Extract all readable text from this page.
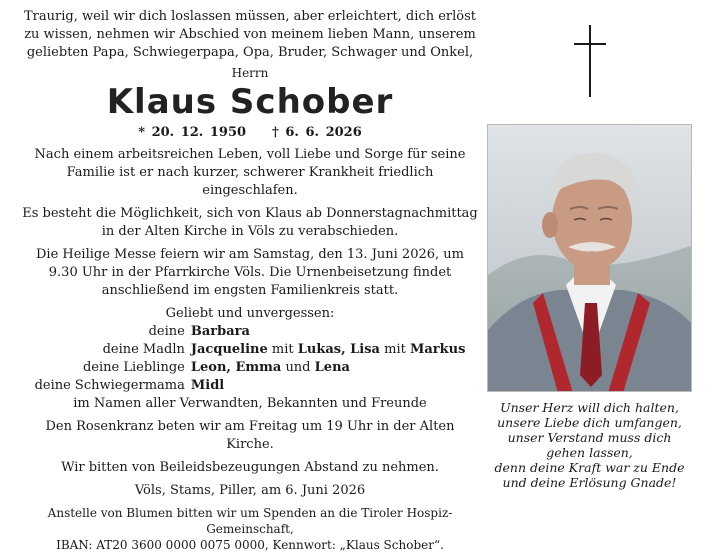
Traurig, weil wir dich loslassen müssen, aber erleichtert, dich erlöst zu wissen, nehmen wir Abschied von meinem lieben Mann, unserem geliebten Papa, Schwiegerpapa, Opa, Bruder, Schwager und Onkel,

Herrn

Klaus Schober

* 20. 12. 1950 † 6. 6. 2026

Nach einem arbeitsreichen Leben, voll Liebe und Sorge für seine Familie ist er nach kurzer, schwerer Krankheit friedlich eingeschlafen.

Es besteht die Möglichkeit, sich von Klaus ab Donnerstagnachmittag in der Alten Kirche in Völs zu verabschieden.

Die Heilige Messe feiern wir am Samstag, den 13. Juni 2026, um 9.30 Uhr in der Pfarrkirche Völs. Die Urnenbeisetzung findet anschließend im engsten Familienkreis statt.

Geliebt und unvergessen:

deine
deine Madln
deine Lieblinge
deine Schwiegermama
Barbara
Jacqueline mit Lukas, Lisa mit Markus
Leon, Emma und Lena
Midl

im Namen aller Verwandten, Bekannten und Freunde

Den Rosenkranz beten wir am Freitag um 19 Uhr in der Alten Kirche.

Wir bitten von Beileidsbezeugungen Abstand zu nehmen.

Völs, Stams, Piller, am 6. Juni 2026

Anstelle von Blumen bitten wir um Spenden an die Tiroler Hospiz-Gemeinschaft,

IBAN: AT20 3600 0000 0075 0000, Kennwort: „Klaus Schober“.

Unser Herz will dich halten,
unsere Liebe dich umfangen,
unser Verstand muss dich
gehen lassen,
denn deine Kraft war zu Ende
und deine Erlösung Gnade!
